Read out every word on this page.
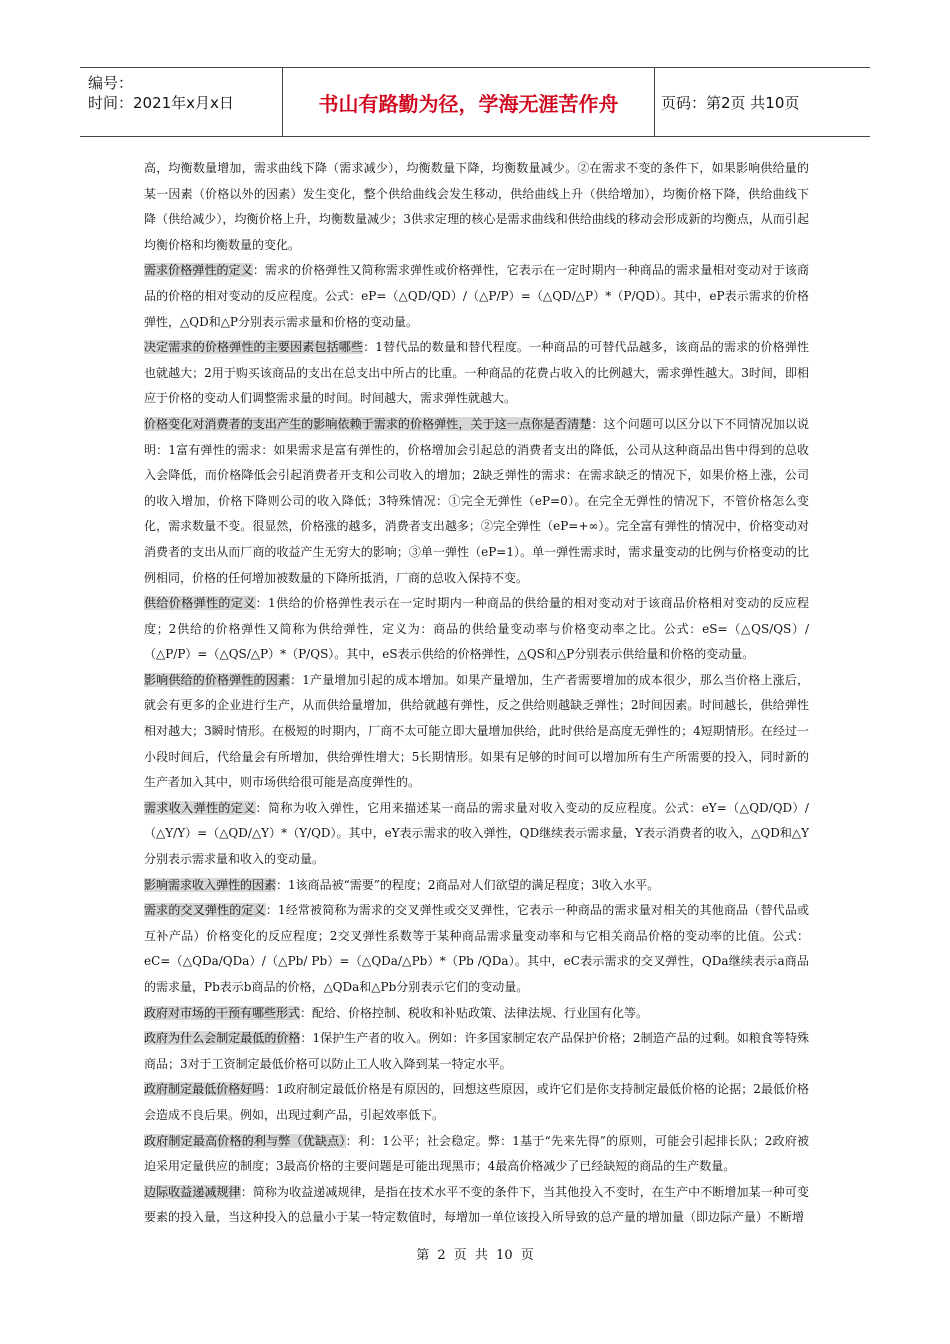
编号：
时间：2021年x月x日	书山有路勤为径，学海无涯苦作舟	页码：第2页 共10页

高，均衡数量增加，需求曲线下降（需求减少），均衡数量下降，均衡数量减少。②在需求不变的条件下，如果影响供给量的某一因素（价格以外的因素）发生变化，整个供给曲线会发生移动，供给曲线上升（供给增加），均衡价格下降，供给曲线下降（供给减少），均衡价格上升，均衡数量减少；3供求定理的核心是需求曲线和供给曲线的移动会形成新的均衡点，从而引起均衡价格和均衡数量的变化。

需求价格弹性的定义：需求的价格弹性又简称需求弹性或价格弹性，它表示在一定时期内一种商品的需求量相对变动对于该商品的价格的相对变动的反应程度。公式：eP=（△QD/QD）/（△P/P）=（△QD/△P）*（P/QD）。其中，eP表示需求的价格弹性，△QD和△P分别表示需求量和价格的变动量。

决定需求的价格弹性的主要因素包括哪些：1替代品的数量和替代程度。一种商品的可替代品越多，该商品的需求的价格弹性也就越大；2用于购买该商品的支出在总支出中所占的比重。一种商品的花费占收入的比例越大，需求弹性越大。3时间，即相应于价格的变动人们调整需求量的时间。时间越大，需求弹性就越大。

价格变化对消费者的支出产生的影响依赖于需求的价格弹性，关于这一点你是否清楚：这个问题可以区分以下不同情况加以说明：1富有弹性的需求：如果需求是富有弹性的，价格增加会引起总的消费者支出的降低，公司从这种商品出售中得到的总收入会降低，而价格降低会引起消费者开支和公司收入的增加；2缺乏弹性的需求：在需求缺乏的情况下，如果价格上涨，公司的收入增加，价格下降则公司的收入降低；3特殊情况：①完全无弹性（eP=0）。在完全无弹性的情况下，不管价格怎么变化，需求数量不变。很显然，价格涨的越多，消费者支出越多；②完全弹性（eP=+∞）。完全富有弹性的情况中，价格变动对消费者的支出从而厂商的收益产生无穷大的影响；③单一弹性（eP=1）。单一弹性需求时，需求量变动的比例与价格变动的比例相同，价格的任何增加被数量的下降所抵消，厂商的总收入保持不变。

供给价格弹性的定义：1供给的价格弹性表示在一定时期内一种商品的供给量的相对变动对于该商品价格相对变动的反应程度；2供给的价格弹性又简称为供给弹性，定义为：商品的供给量变动率与价格变动率之比。公式：eS=（△QS/QS）/（△P/P）=（△QS/△P）*（P/QS）。其中，eS表示供给的价格弹性，△QS和△P分别表示供给量和价格的变动量。

影响供给的价格弹性的因素：1产量增加引起的成本增加。如果产量增加，生产者需要增加的成本很少，那么当价格上涨后，就会有更多的企业进行生产，从而供给量增加，供给就越有弹性，反之供给则越缺乏弹性；2时间因素。时间越长，供给弹性相对越大；3瞬时情形。在极短的时期内，厂商不太可能立即大量增加供给，此时供给是高度无弹性的；4短期情形。在经过一小段时间后，代给量会有所增加，供给弹性增大；5长期情形。如果有足够的时间可以增加所有生产所需要的投入，同时新的生产者加入其中，则市场供给很可能是高度弹性的。

需求收入弹性的定义：简称为收入弹性，它用来描述某一商品的需求量对收入变动的反应程度。公式：eY=（△QD/QD）/（△Y/Y）=（△QD/△Y）*（Y/QD）。其中，eY表示需求的收入弹性，QD继续表示需求量，Y表示消费者的收入，△QD和△Y分别表示需求量和收入的变动量。

影响需求收入弹性的因素：1该商品被“需要”的程度；2商品对人们欲望的满足程度；3收入水平。

需求的交叉弹性的定义：1经常被简称为需求的交叉弹性或交叉弹性，它表示一种商品的需求量对相关的其他商品（替代品或互补产品）价格变化的反应程度；2交叉弹性系数等于某种商品需求量变动率和与它相关商品价格的变动率的比值。公式：eC=（△QDa/QDa）/（△Pb/ Pb）=（△QDa/△Pb）*（Pb /QDa）。其中，eC表示需求的交叉弹性，QDa继续表示a商品的需求量，Pb表示b商品的价格，△QDa和△Pb分别表示它们的变动量。

政府对市场的干预有哪些形式：配给、价格控制、税收和补贴政策、法律法规、行业国有化等。

政府为什么会制定最低的价格：1保护生产者的收入。例如：许多国家制定农产品保护价格；2制造产品的过剩。如粮食等特殊商品；3对于工资制定最低价格可以防止工人收入降到某一特定水平。

政府制定最低价格好吗：1政府制定最低价格是有原因的，回想这些原因，或许它们是你支持制定最低价格的论据；2最低价格会造成不良后果。例如，出现过剩产品，引起效率低下。

政府制定最高价格的利与弊（优缺点）：利：1公平；社会稳定。弊：1基于“先来先得”的原则，可能会引起排长队；2政府被迫采用定量供应的制度；3最高价格的主要问题是可能出现黑市；4最高价格减少了已经缺短的商品的生产数量。

边际收益递减规律：简称为收益递减规律，是指在技术水平不变的条件下，当其他投入不变时，在生产中不断增加某一种可变要素的投入量，当这种投入的总量小于某一特定数值时，每增加一单位该投入所导致的总产量的增加量（即边际产量）不断增

第 2 页 共 10 页
